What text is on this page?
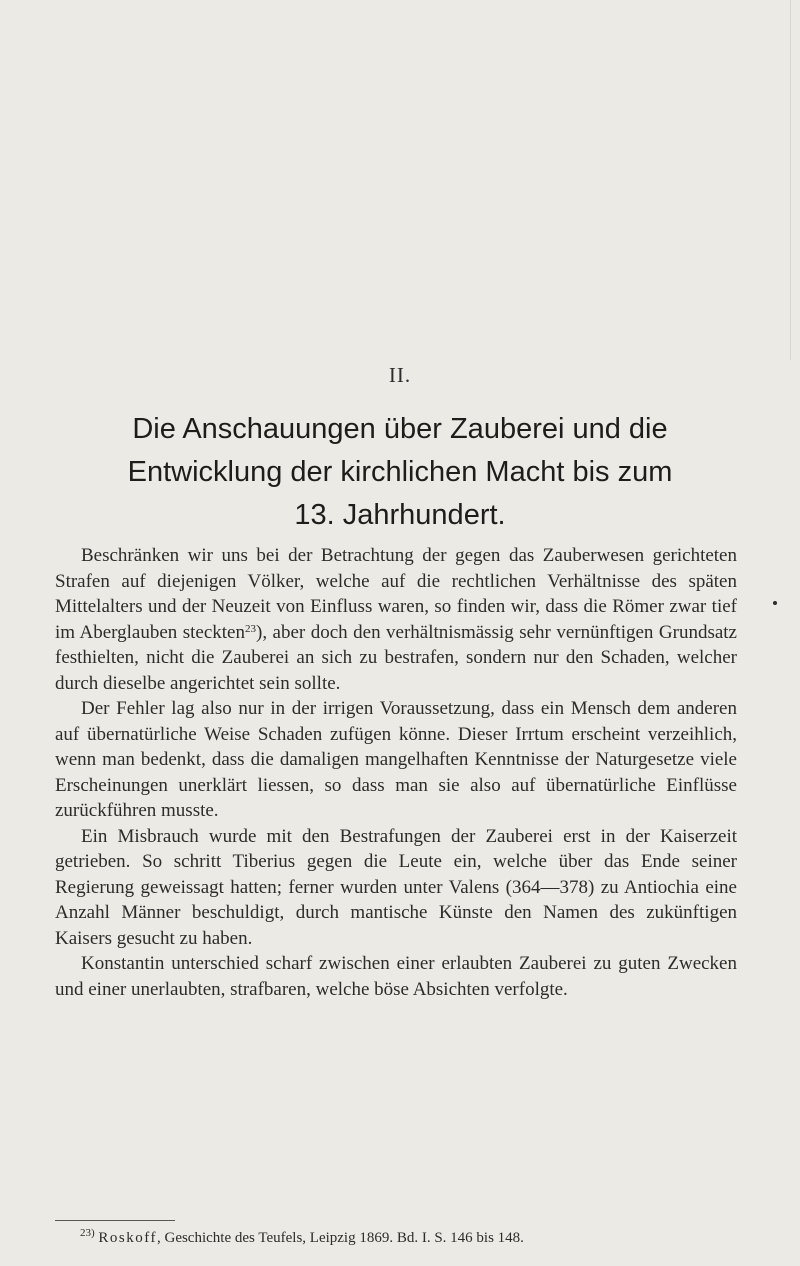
II.
Die Anschauungen über Zauberei und die
Entwicklung der kirchlichen Macht bis zum
13. Jahrhundert.

Beschränken wir uns bei der Betrachtung der gegen das Zauberwesen gerichteten Strafen auf diejenigen Völker, welche auf die rechtlichen Verhältnisse des späten Mittelalters und der Neuzeit von Einfluss waren, so finden wir, dass die Römer zwar tief im Aberglauben steckten$^{23}$), aber doch den verhältnismässig sehr vernünftigen Grundsatz festhielten, nicht die Zauberei an sich zu bestrafen, sondern nur den Schaden, welcher durch dieselbe angerichtet sein sollte.

Der Fehler lag also nur in der irrigen Voraussetzung, dass ein Mensch dem anderen auf übernatürliche Weise Schaden zufügen könne. Dieser Irrtum erscheint verzeihlich, wenn man bedenkt, dass die damaligen mangelhaften Kenntnisse der Naturgesetze viele Erscheinungen unerklärt liessen, so dass man sie also auf übernatürliche Einflüsse zurückführen musste.

Ein Misbrauch wurde mit den Bestrafungen der Zauberei erst in der Kaiserzeit getrieben. So schritt Tiberius gegen die Leute ein, welche über das Ende seiner Regierung geweissagt hatten; ferner wurden unter Valens (364—378) zu Antiochia eine Anzahl Männer beschuldigt, durch mantische Künste den Namen des zukünftigen Kaisers gesucht zu haben.

Konstantin unterschied scharf zwischen einer erlaubten Zauberei zu guten Zwecken und einer unerlaubten, strafbaren, welche böse Absichten verfolgte.

$^{23)}$ Roskoff, Geschichte des Teufels, Leipzig 1869. Bd. I. S. 146 bis 148.
